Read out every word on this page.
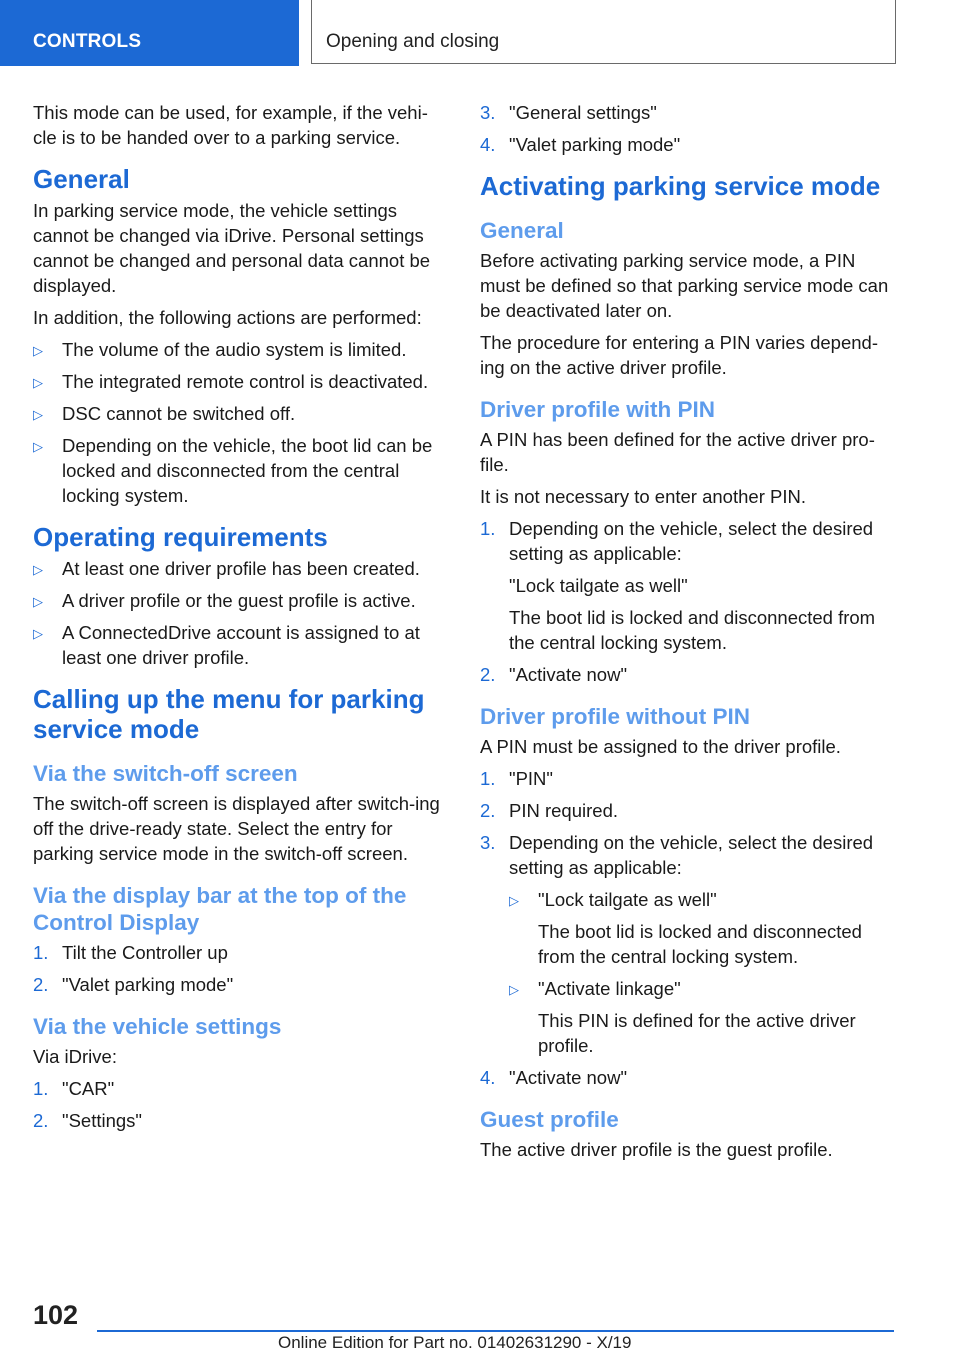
CONTROLS	Opening and closing

This mode can be used, for example, if the vehi-cle is to be handed over to a parking service.

General

In parking service mode, the vehicle settings cannot be changed via iDrive. Personal settings cannot be changed and personal data cannot be displayed.

In addition, the following actions are performed:

▷ The volume of the audio system is limited.
▷ The integrated remote control is deactivated.
▷ DSC cannot be switched off.
▷ Depending on the vehicle, the boot lid can be locked and disconnected from the central locking system.
Operating requirements
▷ At least one driver profile has been created.
▷ A driver profile or the guest profile is active.
▷ A ConnectedDrive account is assigned to at least one driver profile.
Calling up the menu for parking service mode
Via the switch-off screen

The switch-off screen is displayed after switch-ing off the drive-ready state. Select the entry for parking service mode in the switch-off screen.

Via the display bar at the top of the Control Display
1. Tilt the Controller up
2. "Valet parking mode"
Via the vehicle settings

Via iDrive:

1. "CAR"
2. "Settings"
3. "General settings"
4. "Valet parking mode"
Activating parking service mode
General

Before activating parking service mode, a PIN must be defined so that parking service mode can be deactivated later on.

The procedure for entering a PIN varies depend-ing on the active driver profile.

Driver profile with PIN

A PIN has been defined for the active driver pro-file.

It is not necessary to enter another PIN.

1. Depending on the vehicle, select the desired setting as applicable:

"Lock tailgate as well"

The boot lid is locked and disconnected from the central locking system.

2. "Activate now"
Driver profile without PIN

A PIN must be assigned to the driver profile.

1. "PIN"
2. PIN required.
3. Depending on the vehicle, select the desired setting as applicable:
▷ "Lock tailgate as well"

The boot lid is locked and disconnected from the central locking system.

▷ "Activate linkage"

This PIN is defined for the active driver profile.

4. "Activate now"
Guest profile

The active driver profile is the guest profile.

102
Online Edition for Part no. 01402631290 - X/19
